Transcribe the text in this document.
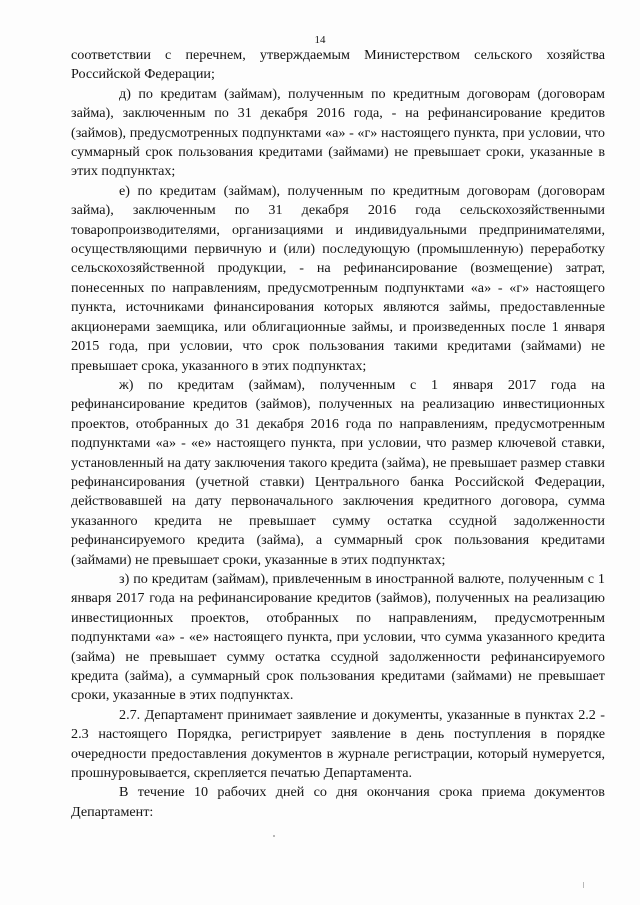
14

соответствии с перечнем, утверждаемым Министерством сельского хозяйства Российской Федерации;

д) по кредитам (займам), полученным по кредитным договорам (договорам займа), заключенным по 31 декабря 2016 года, - на рефинансирование кредитов (займов), предусмотренных подпунктами «а» - «г» настоящего пункта, при условии, что суммарный срок пользования кредитами (займами) не превышает сроки, указанные в этих подпунктах;

е) по кредитам (займам), полученным по кредитным договорам (договорам займа), заключенным по 31 декабря 2016 года сельскохозяйственными товаропроизводителями, организациями и индивидуальными предпринимателями, осуществляющими первичную и (или) последующую (промышленную) переработку сельскохозяйственной продукции, - на рефинансирование (возмещение) затрат, понесенных по направлениям, предусмотренным подпунктами «а» - «г» настоящего пункта, источниками финансирования которых являются займы, предоставленные акционерами заемщика, или облигационные займы, и произведенных после 1 января 2015 года, при условии, что срок пользования такими кредитами (займами) не превышает срока, указанного в этих подпунктах;

ж) по кредитам (займам), полученным с 1 января 2017 года на рефинансирование кредитов (займов), полученных на реализацию инвестиционных проектов, отобранных до 31 декабря 2016 года по направлениям, предусмотренным подпунктами «а» - «е» настоящего пункта, при условии, что размер ключевой ставки, установленный на дату заключения такого кредита (займа), не превышает размер ставки рефинансирования (учетной ставки) Центрального банка Российской Федерации, действовавшей на дату первоначального заключения кредитного договора, сумма указанного кредита не превышает сумму остатка ссудной задолженности рефинансируемого кредита (займа), а суммарный срок пользования кредитами (займами) не превышает сроки, указанные в этих подпунктах;

з) по кредитам (займам), привлеченным в иностранной валюте, полученным с 1 января 2017 года на рефинансирование кредитов (займов), полученных на реализацию инвестиционных проектов, отобранных по направлениям, предусмотренным подпунктами «а» - «е» настоящего пункта, при условии, что сумма указанного кредита (займа) не превышает сумму остатка ссудной задолженности рефинансируемого кредита (займа), а суммарный срок пользования кредитами (займами) не превышает сроки, указанные в этих подпунктах.

2.7. Департамент принимает заявление и документы, указанные в пунктах 2.2 - 2.3 настоящего Порядка, регистрирует заявление в день поступления в порядке очередности предоставления документов в журнале регистрации, который нумеруется, прошнуровывается, скрепляется печатью Департамента.

В течение 10 рабочих дней со дня окончания срока приема документов Департамент:
